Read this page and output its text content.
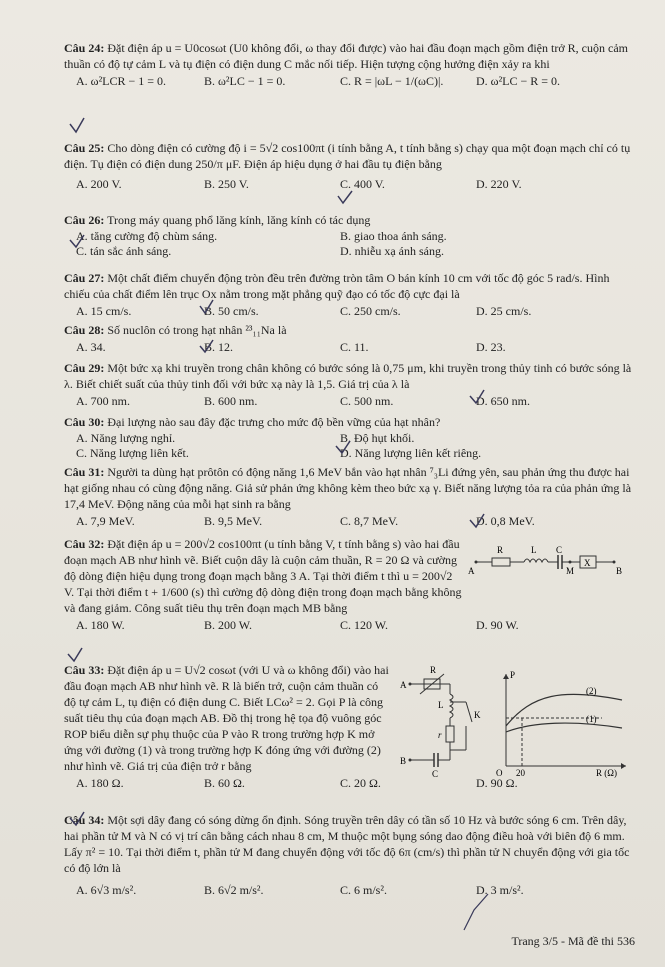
Câu 24: Đặt điện áp u = U0cosωt (U0 không đổi, ω thay đổi được) vào hai đầu đoạn mạch gồm điện trở R, cuộn cảm thuần có độ tự cảm L và tụ điện có điện dung C mắc nối tiếp. Hiện tượng cộng hưởng điện xảy ra khi

A. ω²LCR − 1 = 0.	B. ω²LC − 1 = 0.	C. R = |ωL − 1/(ωC)|.	D. ω²LC − R = 0.

Câu 25: Cho dòng điện có cường độ i = 5√2 cos100πt (i tính bằng A, t tính bằng s) chạy qua một đoạn mạch chỉ có tụ điện. Tụ điện có điện dung 250/π μF. Điện áp hiệu dụng ở hai đầu tụ điện bằng

A. 200 V.	B. 250 V.	C. 400 V.	D. 220 V.

Câu 26: Trong máy quang phổ lăng kính, lăng kính có tác dụng

A. tăng cường độ chùm sáng.	B. giao thoa ánh sáng.
C. tán sắc ánh sáng.	D. nhiễu xạ ánh sáng.

Câu 27: Một chất điểm chuyển động tròn đều trên đường tròn tâm O bán kính 10 cm với tốc độ góc 5 rad/s. Hình chiếu của chất điểm lên trục Ox nằm trong mặt phẳng quỹ đạo có tốc độ cực đại là

A. 15 cm/s.	B. 50 cm/s.	C. 250 cm/s.	D. 25 cm/s.

Câu 28: Số nuclôn có trong hạt nhân ²³₁₁Na là

A. 34.	B. 12.	C. 11.	D. 23.

Câu 29: Một bức xạ khi truyền trong chân không có bước sóng là 0,75 μm, khi truyền trong thủy tinh có bước sóng là λ. Biết chiết suất của thủy tinh đối với bức xạ này là 1,5. Giá trị của λ là

A. 700 nm.	B. 600 nm.	C. 500 nm.	D. 650 nm.

Câu 30: Đại lượng nào sau đây đặc trưng cho mức độ bền vững của hạt nhân?

A. Năng lượng nghỉ.	B. Độ hụt khối.
C. Năng lượng liên kết.	D. Năng lượng liên kết riêng.

Câu 31: Người ta dùng hạt prôtôn có động năng 1,6 MeV bắn vào hạt nhân ⁷₃Li đứng yên, sau phản ứng thu được hai hạt giống nhau có cùng động năng. Giả sử phản ứng không kèm theo bức xạ γ. Biết năng lượng tỏa ra của phản ứng là 17,4 MeV. Động năng của mỗi hạt sinh ra bằng

A. 7,9 MeV.	B. 9,5 MeV.	C. 8,7 MeV.	D. 0,8 MeV.

Câu 32: Đặt điện áp u = 200√2 cos100πt (u tính bằng V, t tính bằng s) vào hai đầu đoạn mạch AB như hình vẽ. Biết cuộn dây là cuộn cảm thuần, R = 20 Ω và cường độ dòng điện hiệu dụng trong đoạn mạch bằng 3 A. Tại thời điểm t thì u = 200√2 V. Tại thời điểm t + 1/600 (s) thì cường độ dòng điện trong đoạn mạch bằng không và đang giảm. Công suất tiêu thụ trên đoạn mạch MB bằng

A. 180 W.	B. 200 W.	C. 120 W.	D. 90 W.
R	L C
M
X
A	B

Câu 33: Đặt điện áp u = U√2 cosωt (với U và ω không đổi) vào hai đầu đoạn mạch AB như hình vẽ. R là biến trở, cuộn cảm thuần có độ tự cảm L, tụ điện có điện dung C. Biết LCω² = 2. Gọi P là công suất tiêu thụ của đoạn mạch AB. Đồ thị trong hệ tọa độ vuông góc ROP biểu diễn sự phụ thuộc của P vào R trong trường hợp K mở ứng với đường (1) và trong trường hợp K đóng ứng với đường (2) như hình vẽ. Giá trị của điện trở r bằng

A. 180 Ω.	B. 60 Ω.	C. 20 Ω.	D. 90 Ω.
R
A
B
L
K
r
C
P
O 20	R (Ω)
(2)
(1)

Câu 34: Một sợi dây đang có sóng dừng ổn định. Sóng truyền trên dây có tần số 10 Hz và bước sóng 6 cm. Trên dây, hai phần tử M và N có vị trí cân bằng cách nhau 8 cm, M thuộc một bụng sóng dao động điều hoà với biên độ 6 mm. Lấy π² = 10. Tại thời điểm t, phần tử M đang chuyển động với tốc độ 6π (cm/s) thì phần tử N chuyển động với gia tốc có độ lớn là

A. 6√3 m/s².	B. 6√2 m/s².	C. 6 m/s².	D. 3 m/s².
Trang 3/5 - Mã đề thi 536
